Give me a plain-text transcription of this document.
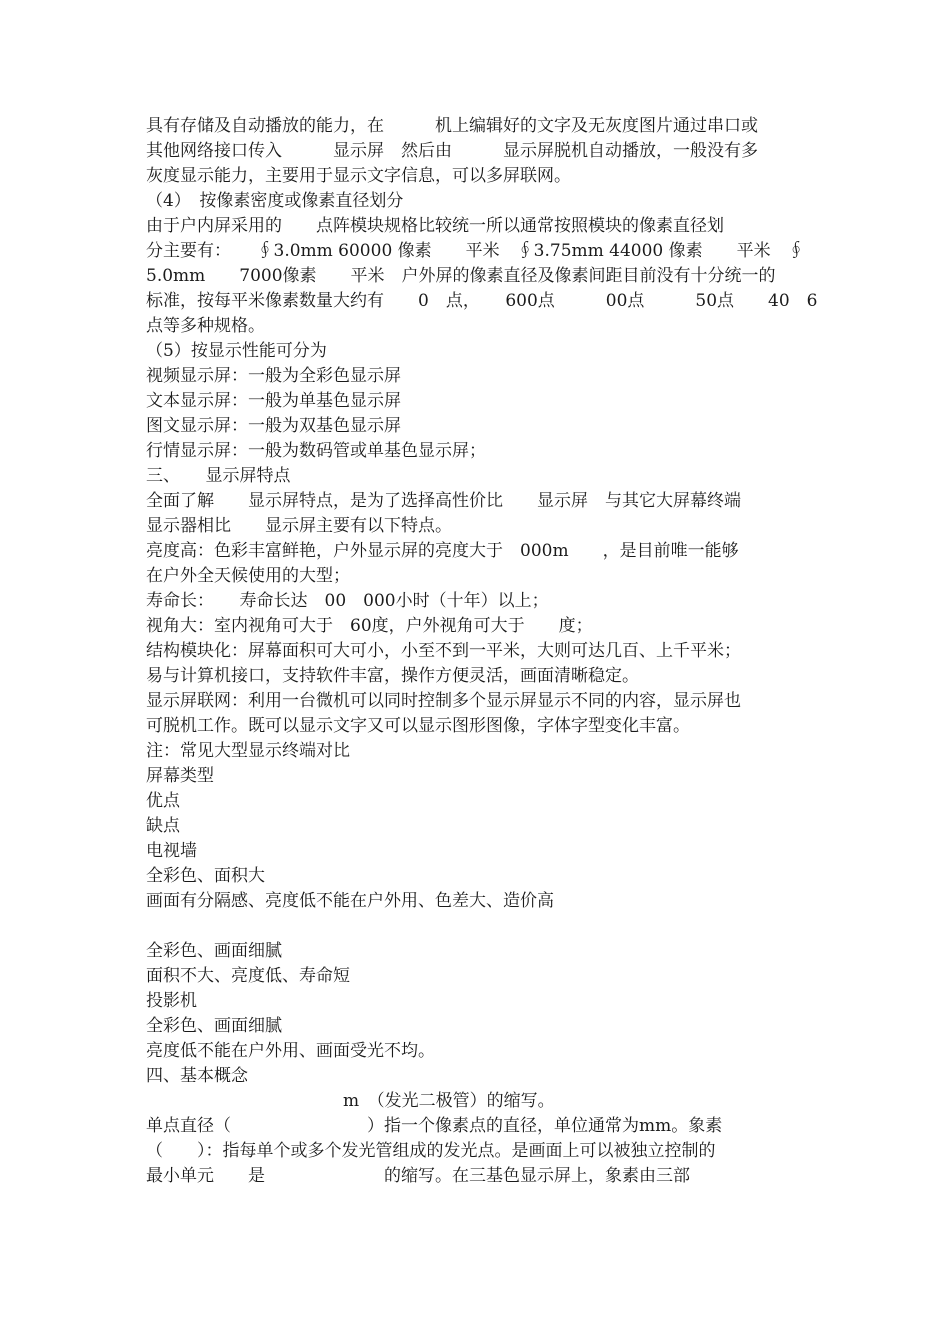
具有存储及自动播放的能力，在　　　机上编辑好的文字及无灰度图片通过串口或
其他网络接口传入　　　显示屏　然后由　　　显示屏脱机自动播放，一般没有多
灰度显示能力，主要用于显示文字信息，可以多屏联网。
（4）　按像素密度或像素直径划分
由于户内屏采用的　　点阵模块规格比较统一所以通常按照模块的像素直径划
分主要有：　　∮3.0mm 60000 像素　　平米　∮3.75mm 44000 像素　　平米　∮
5.0mm　　7000像素　　平米　户外屏的像素直径及像素间距目前没有十分统一的
标准，按每平米像素数量大约有　　0　点，　　600点　　　00点　　　50点　　40　6
点等多种规格。
（5）按显示性能可分为
视频显示屏：一般为全彩色显示屏
文本显示屏：一般为单基色显示屏
图文显示屏：一般为双基色显示屏
行情显示屏：一般为数码管或单基色显示屏；
三、　　显示屏特点
全面了解　　显示屏特点，是为了选择高性价比　　显示屏　与其它大屏幕终端
显示器相比　　显示屏主要有以下特点。
亮度高：色彩丰富鲜艳，户外显示屏的亮度大于　000m　　，是目前唯一能够
在户外全天候使用的大型；
寿命长：　　寿命长达　00　000小时（十年）以上；
视角大：室内视角可大于　60度，户外视角可大于　　度；
结构模块化：屏幕面积可大可小，小至不到一平米，大则可达几百、上千平米；
易与计算机接口，支持软件丰富，操作方便灵活，画面清晰稳定。
显示屏联网：利用一台微机可以同时控制多个显示屏显示不同的内容，显示屏也
可脱机工作。既可以显示文字又可以显示图形图像，字体字型变化丰富。
注：常见大型显示终端对比
屏幕类型
优点
缺点
电视墙
全彩色、面积大
画面有分隔感、亮度低不能在户外用、色差大、造价高
全彩色、画面细腻
面积不大、亮度低、寿命短
投影机
全彩色、画面细腻
亮度低不能在户外用、画面受光不均。
四、基本概念
m　（发光二极管）的缩写。
单点直径（　　　　　　　　）指一个像素点的直径，单位通常为mm。象素
（　　）：指每单个或多个发光管组成的发光点。是画面上可以被独立控制的
最小单元　　是　　　　　　　的缩写。在三基色显示屏上，象素由三部
